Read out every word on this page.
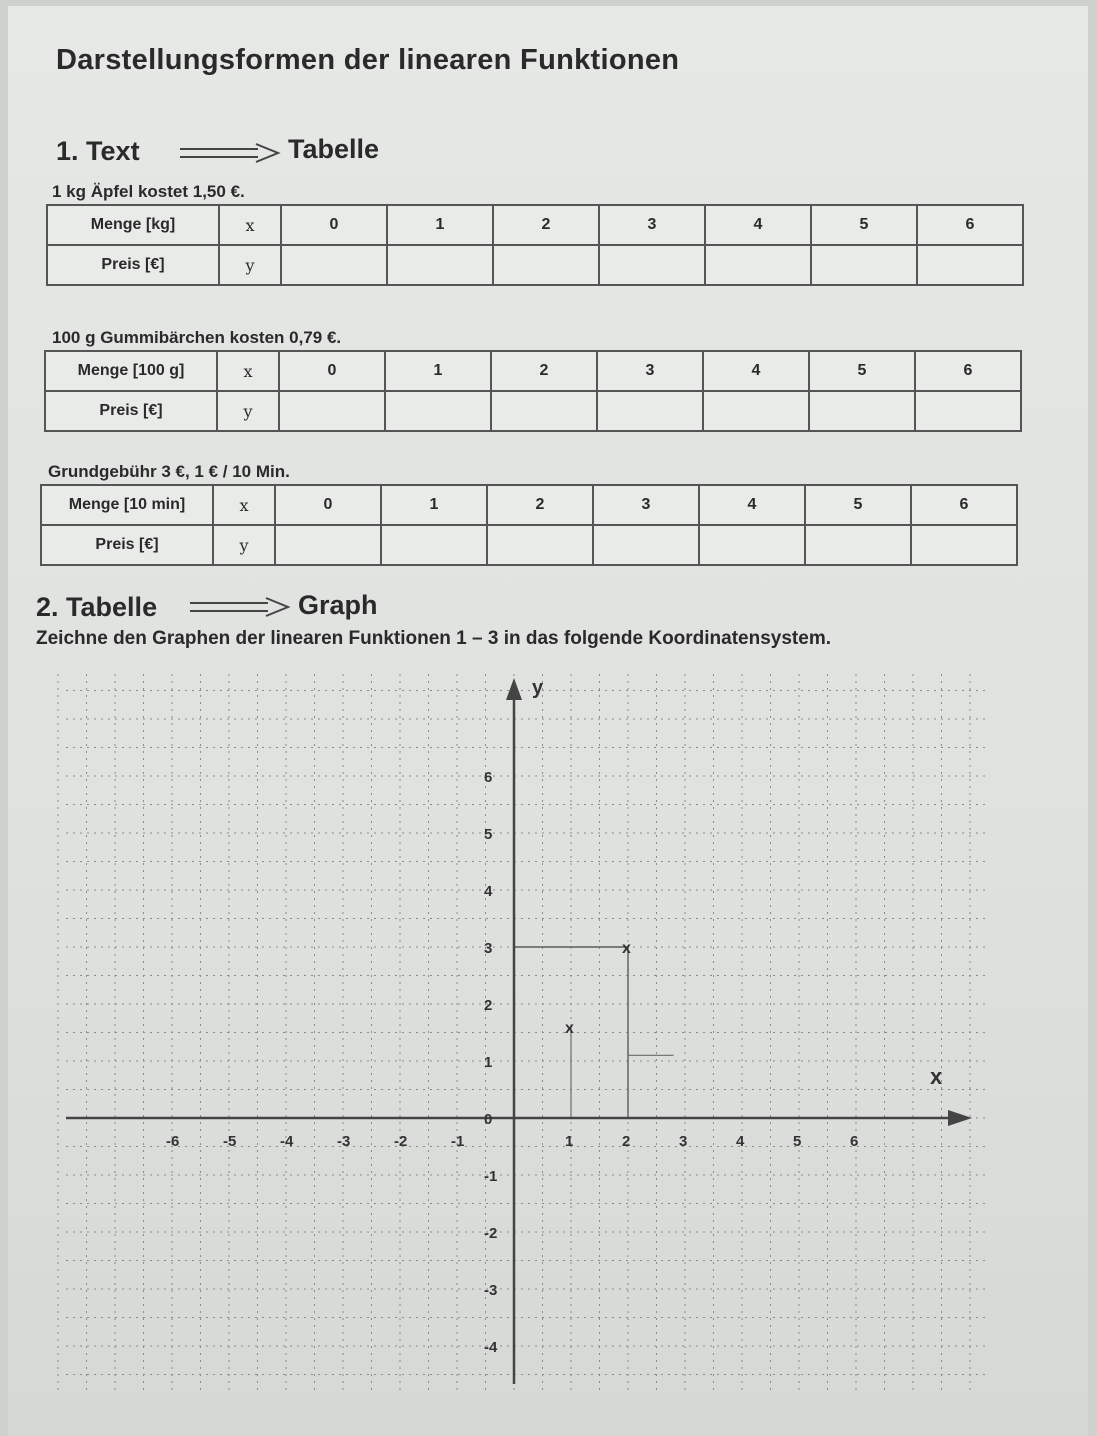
Darstellungsformen der linearen Funktionen
1. Text	Tabelle
1 kg Äpfel kostet 1,50 €.
Menge [kg]	x	0	1	2	3	4	5	6
Preis [€]	y							
100 g Gummibärchen kosten 0,79 €.
Menge [100 g]	x	0	1	2	3	4	5	6
Preis [€]	y							
Grundgebühr 3 €, 1 € / 10 Min.
Menge [10 min]	x	0	1	2	3	4	5	6
Preis [€]	y							
2. Tabelle	Graph
Zeichne den Graphen der linearen Funktionen 1 – 3 in das folgende Koordinatensystem.
x
x
y
x
-6	-5	-4	-3	-2	-1	1	2	3	4	5	6
6
5
4
3
2
1
0
-1
-2
-3
-4
